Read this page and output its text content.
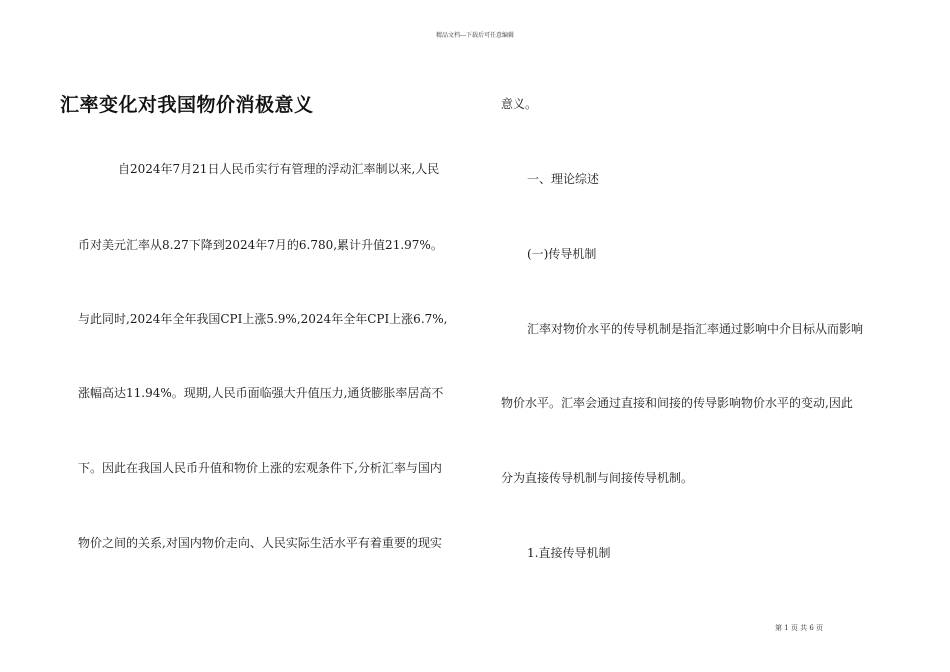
精品文档---下载后可任意编辑
汇率变化对我国物价消极意义
自2024年7月21日人民币实行有管理的浮动汇率制以来,人民
币对美元汇率从8.27下降到2024年7月的6.780,累计升值21.97%。
与此同时,2024年全年我国CPI上涨5.9%,2024年全年CPI上涨6.7%,
涨幅高达11.94%。现期,人民币面临强大升值压力,通货膨胀率居高不
下。因此在我国人民币升值和物价上涨的宏观条件下,分析汇率与国内
物价之间的关系,对国内物价走向、人民实际生活水平有着重要的现实
意义。
一、理论综述
(一)传导机制
汇率对物价水平的传导机制是指汇率通过影响中介目标从而影响
物价水平。汇率会通过直接和间接的传导影响物价水平的变动,因此
分为直接传导机制与间接传导机制。
1.直接传导机制
第 1 页 共 6 页
